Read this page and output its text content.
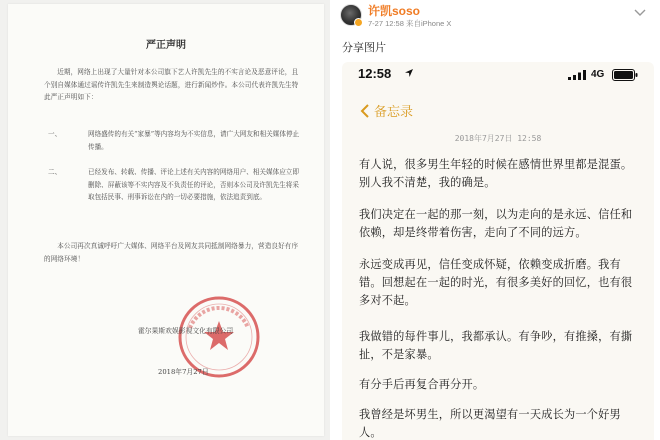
严正声明
近期，网络上出现了大量针对本公司旗下艺人许凯先生的不实言论及恶意评论，且个别自媒体通过谣传许凯先生来制造舆论话题，进行新闻炒作。本公司代表许凯先生特此严正声明如下：
一、	网络盛传的有关“家暴”等内容均为不实信息，请广大网友和相关媒体停止传播。
二、	已经发布、转载、传播、评论上述有关内容的网络用户、相关媒体应立即删除、屏蔽该等不实内容及不负责任的评论，否则本公司及许凯先生将采取包括民事、刑事诉讼在内的一切必要措施，依法追责到底。
本公司再次真诚呼吁广大媒体、网络平台及网友共同抵制网络暴力，营造良好有序的网络环境！
霍尔果斯欢娱影视文化有限公司
2018年7月27日
许凯soso
7-27 12:58 来自iPhone X
分享图片
12:58	4G
备忘录
2018年7月27日 12:58
有人说，很多男生年轻的时候在感情世界里都是混蛋。别人我不清楚，我的确是。
我们决定在一起的那一刻，以为走向的是永远、信任和依赖，却是终带着伤害，走向了不同的远方。
永远变成再见，信任变成怀疑，依赖变成折磨。我有错。回想起在一起的时光，有很多美好的回忆，也有很多对不起。
我做错的每件事儿，我都承认。有争吵，有推搡，有撕扯，不是家暴。
有分手后再复合再分开。
我曾经是坏男生，所以更渴望有一天成长为一个好男人。
